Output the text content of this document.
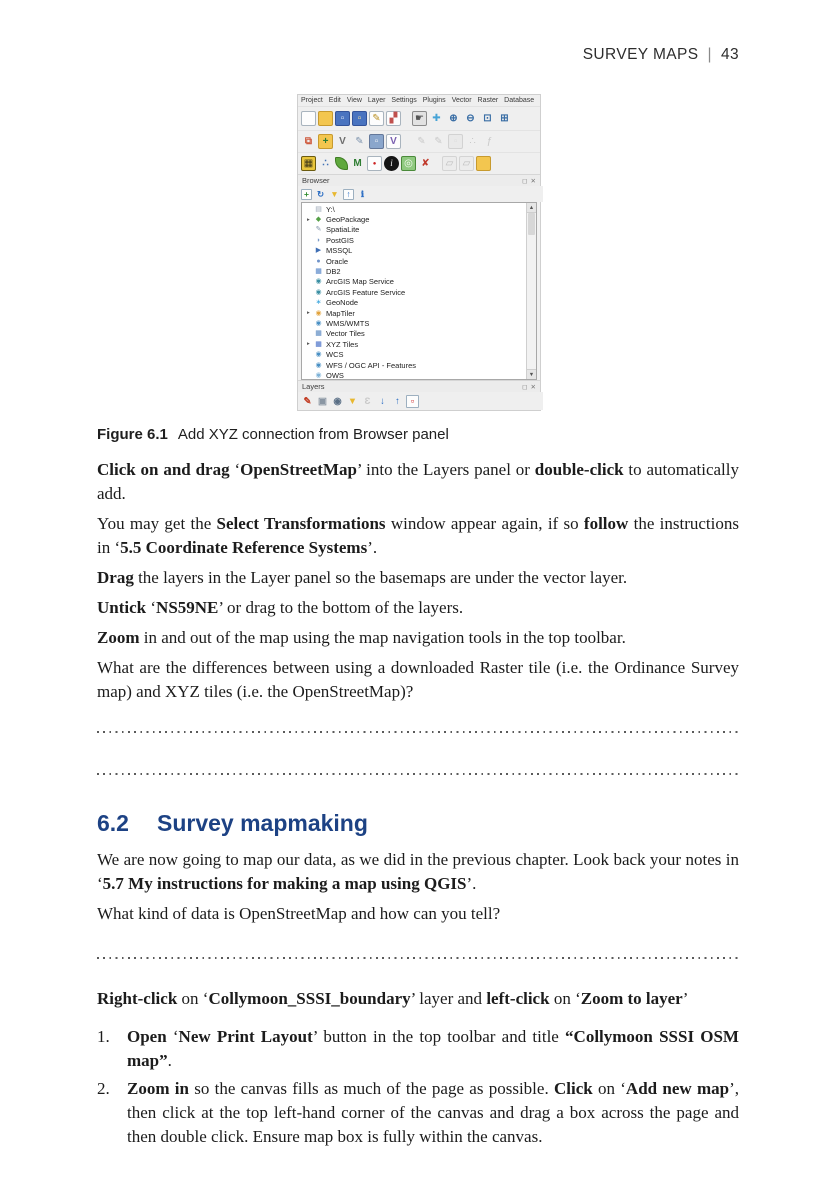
SURVEY MAPS | 43
Project Edit View Layer Settings Plugins Vector Raster Database
▫	▫	✎ ▞	☛ ✚ ⊕ ⊖ ⊡ ⊞
⧉	+	V ✎	▫	V	✎ ✎	▫	∴	ƒ
▦ ∴	M	●	i	◎ ✘	▱ ▱
Browser	◻ ✕
+ ↻ ▼ ↑	ℹ
▤ Y:\
▸ ◆ GeoPackage
✎ SpatiaLite
◗ PostGIS
▶ MSSQL
● Oracle
▦ DB2
◉ ArcGIS Map Service
◉ ArcGIS Feature Service
∗ GeoNode
▸ ◉ MapTiler
◉ WMS/WMTS
▦ Vector Tiles
▸ ▦ XYZ Tiles
◉ WCS
◉ WFS / OGC API - Features
◉ OWS
▲
▼
Layers	◻ ✕
✎ ▣ ◉ ▼ Ɛ	↓	↑	▫
Figure 6.1 Add XYZ connection from Browser panel

Click on and drag ‘OpenStreetMap’ into the Layers panel or double-click to automatically add.

You may get the Select Transformations window appear again, if so follow the instructions in ‘5.5 Coordinate Reference Systems’.

Drag the layers in the Layer panel so the basemaps are under the vector layer.

Untick ‘NS59NE’ or drag to the bottom of the layers.

Zoom in and out of the map using the map navigation tools in the top toolbar.

What are the differences between using a downloaded Raster tile (i.e. the Ordinance Survey map) and XYZ tiles (i.e. the OpenStreetMap)?

6.2 Survey mapmaking

We are now going to map our data, as we did in the previous chapter. Look back your notes in ‘5.7 My instructions for making a map using QGIS’.

What kind of data is OpenStreetMap and how can you tell?

Right-click on ‘Collymoon_SSSI_boundary’ layer and left-click on ‘Zoom to layer’

1. Open ‘New Print Layout’ button in the top toolbar and title “Collymoon SSSI OSM map”.
2. Zoom in so the canvas fills as much of the page as possible. Click on ‘Add new map’, then click at the top left-hand corner of the canvas and drag a box across the page and then double click. Ensure map box is fully within the canvas.
